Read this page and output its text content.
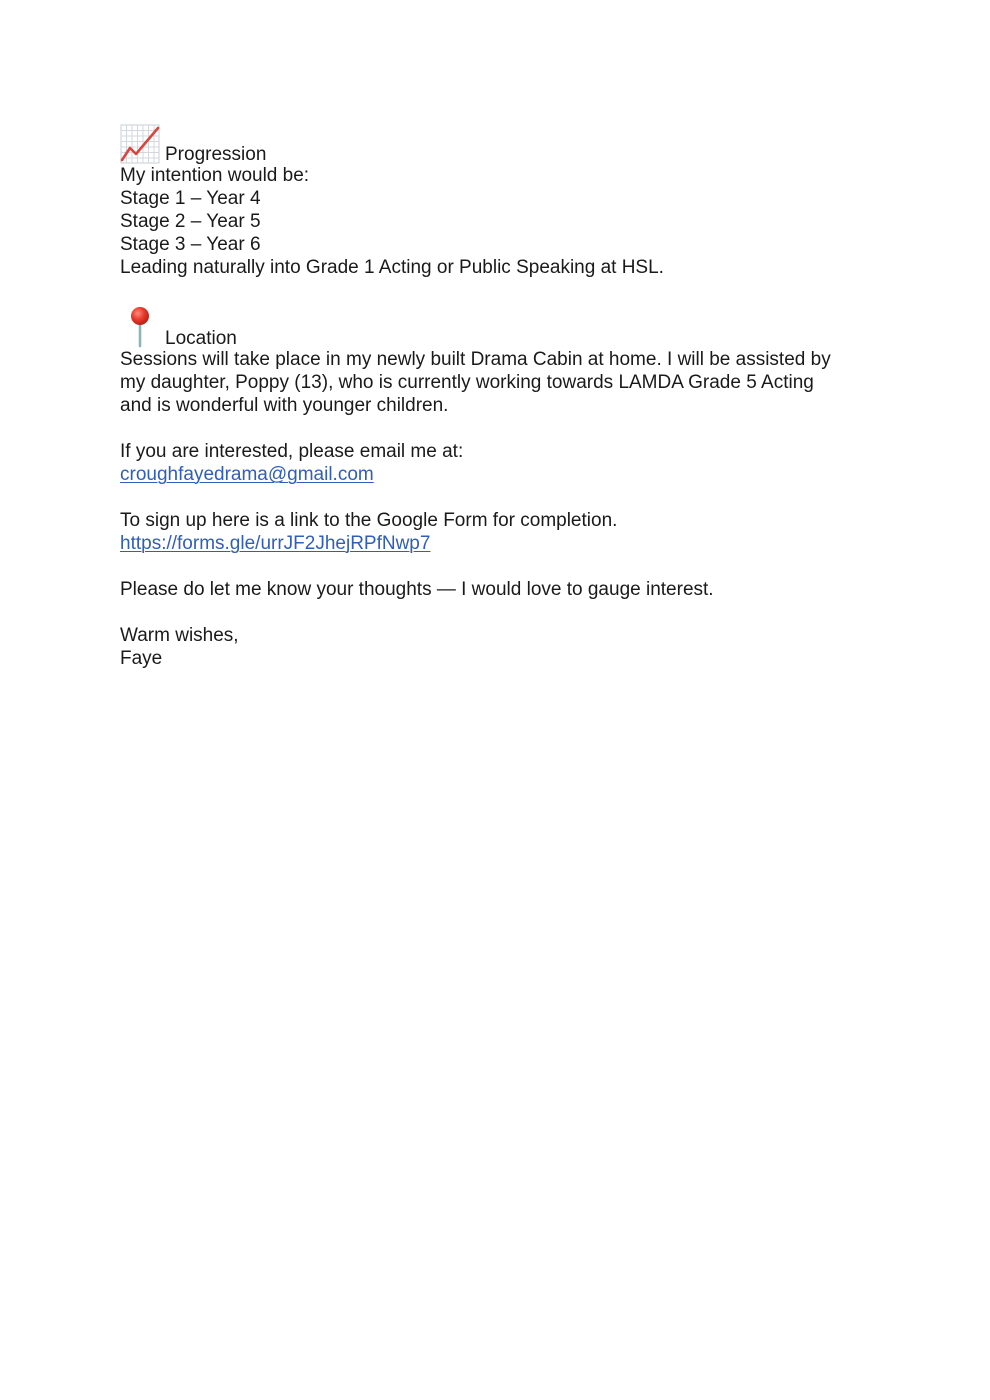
Progression
My intention would be:
Stage 1 – Year 4
Stage 2 – Year 5
Stage 3 – Year 6
Leading naturally into Grade 1 Acting or Public Speaking at HSL.
Location
Sessions will take place in my newly built Drama Cabin at home. I will be assisted by
my daughter, Poppy (13), who is currently working towards LAMDA Grade 5 Acting
and is wonderful with younger children.
If you are interested, please email me at:
croughfayedrama@gmail.com
To sign up here is a link to the Google Form for completion.
https://forms.gle/urrJF2JhejRPfNwp7
Please do let me know your thoughts — I would love to gauge interest.
Warm wishes,
Faye
